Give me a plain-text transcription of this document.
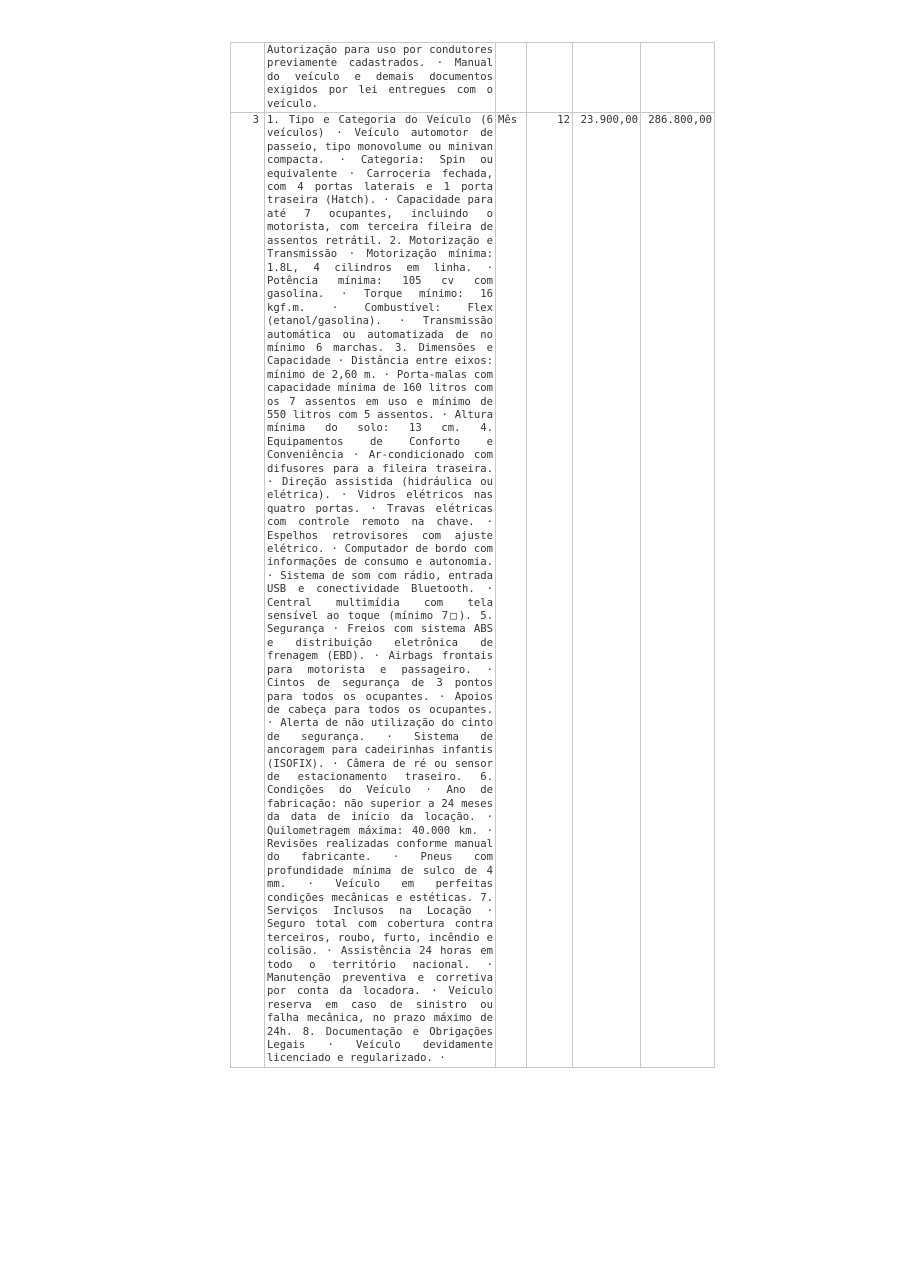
	Autorização para uso por condutores previamente cadastrados. · Manual do veículo e demais documentos exigidos por lei entregues com o veículo.				

3	1. Tipo e Categoria do Veículo (6 veículos) · Veículo automotor de passeio, tipo monovolume ou minivan compacta. · Categoria: Spin ou equivalente · Carroceria fechada, com 4 portas laterais e 1 porta traseira (Hatch). · Capacidade para até 7 ocupantes, incluindo o motorista, com terceira fileira de assentos retrátil. 2. Motorização e Transmissão · Motorização mínima: 1.8L, 4 cilindros em linha. · Potência mínima: 105 cv com gasolina. · Torque mínimo: 16 kgf.m. · Combustível: Flex (etanol/gasolina). · Transmissão automática ou automatizada de no mínimo 6 marchas. 3. Dimensões e Capacidade · Distância entre eixos: mínimo de 2,60 m. · Porta-malas com capacidade mínima de 160 litros com os 7 assentos em uso e mínimo de 550 litros com 5 assentos. · Altura mínima do solo: 13 cm. 4. Equipamentos de Conforto e Conveniência · Ar-condicionado com difusores para a fileira traseira. · Direção assistida (hidráulica ou elétrica). · Vidros elétricos nas quatro portas. · Travas elétricas com controle remoto na chave. · Espelhos retrovisores com ajuste elétrico. · Computador de bordo com informações de consumo e autonomia. · Sistema de som com rádio, entrada USB e conectividade Bluetooth. · Central multimídia com tela sensível ao toque (mínimo 7□). 5. Segurança · Freios com sistema ABS e distribuição eletrônica de frenagem (EBD). · Airbags frontais para motorista e passageiro. · Cintos de segurança de 3 pontos para todos os ocupantes. · Apoios de cabeça para todos os ocupantes. · Alerta de não utilização do cinto de segurança. · Sistema de ancoragem para cadeirinhas infantis (ISOFIX). · Câmera de ré ou sensor de estacionamento traseiro. 6. Condições do Veículo · Ano de fabricação: não superior a 24 meses da data de início da locação. · Quilometragem máxima: 40.000 km. · Revisões realizadas conforme manual do fabricante. · Pneus com profundidade mínima de sulco de 4 mm. · Veículo em perfeitas condições mecânicas e estéticas. 7. Serviços Inclusos na Locação · Seguro total com cobertura contra terceiros, roubo, furto, incêndio e colisão. · Assistência 24 horas em todo o território nacional. · Manutenção preventiva e corretiva por conta da locadora. · Veículo reserva em caso de sinistro ou falha mecânica, no prazo máximo de 24h. 8. Documentação e Obrigações Legais · Veículo devidamente licenciado e regularizado. ·	Mês	12	23.900,00	286.800,00
